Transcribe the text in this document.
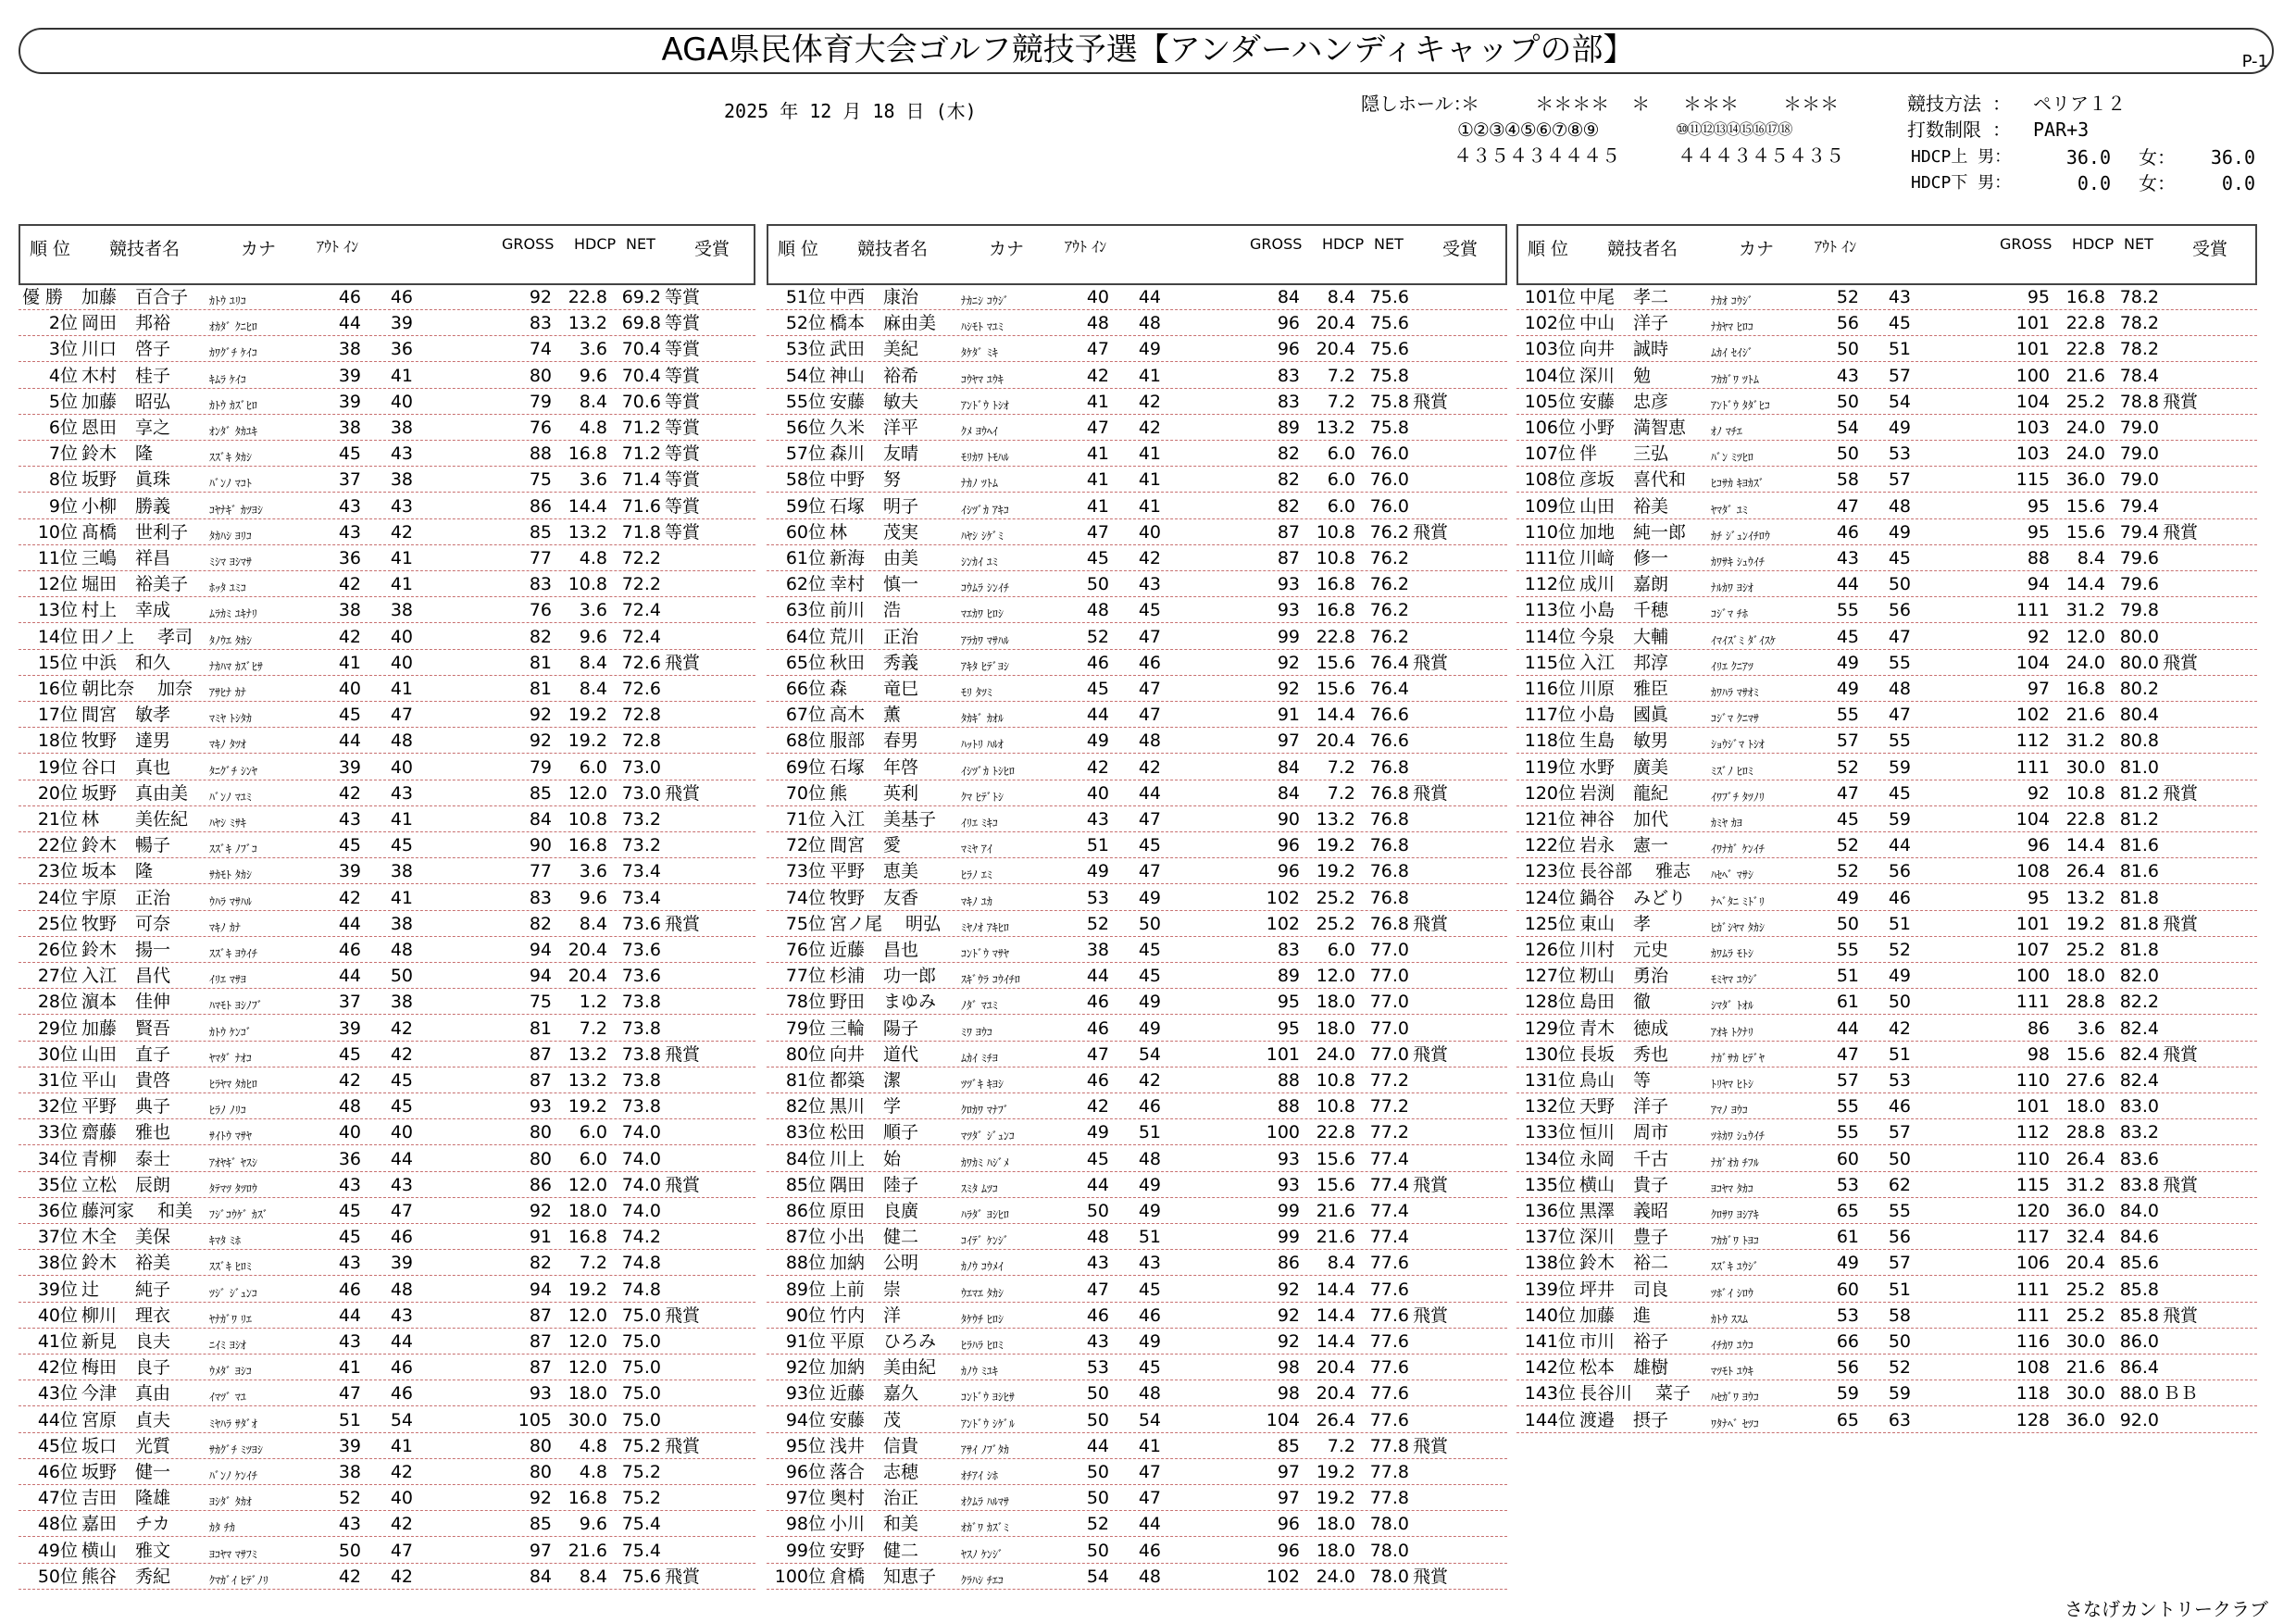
AGA県民体育大会ゴルフ競技予選【アンダーハンディキャップの部】	P-1
2025 年 12 月 18 日 (木)	隠しホール：
＊     ＊＊＊＊  ＊ ＊＊＊    ＊＊＊
①②③④⑤⑥⑦⑧⑨	⑩⑪⑫⑬⑭⑮⑯⑰⑱
４３５４３４４４５	４４４３４５４３５
競技方法 ： ペリア１２
打数制限 ： PAR+3
HDCP上 男：	36.0 女：	36.0
HDCP下 男：	0.0 女：	0.0
順 位 競技者名	カナ	ｱｳﾄ ｲﾝ	GROSS HDCP NET 受賞	順 位 競技者名	カナ	ｱｳﾄ ｲﾝ	GROSS HDCP NET 受賞	順 位 競技者名	カナ	ｱｳﾄ ｲﾝ	GROSS HDCP NET 受賞
優 勝 加藤 百合子 ｶﾄｳ ﾕﾘｺ	46	46	92 22.8 69.2 等賞
2位 岡田 邦裕	ｵｶﾀﾞ ｸﾆﾋﾛ	44	39	83 13.2 69.8 等賞
3位 川口 啓子	ｶﾜｸﾞﾁ ｹｲｺ	38	36	74	3.6 70.4 等賞
4位 木村 桂子	ｷﾑﾗ ｹｲｺ	39	41	80	9.6 70.4 等賞
5位 加藤 昭弘	ｶﾄｳ ｶｽﾞﾋﾛ	39	40	79	8.4 70.6 等賞
6位 恩田 享之	ｵﾝﾀﾞ ﾀｶﾕｷ	38	38	76	4.8 71.2 等賞
7位 鈴木 隆	ｽｽﾞｷ ﾀｶｼ	45	43	88 16.8 71.2 等賞
8位 坂野 眞珠	ﾊﾞﾝﾉ ﾏｺﾄ	37	38	75	3.6 71.4 等賞
9位 小柳 勝義	ｺﾔﾅｷﾞ ｶﾂﾖｼ	43	43	86 14.4 71.6 等賞
10位 髙橋 世利子 ﾀｶﾊｼ ﾖﾘｺ	43	42	85 13.2 71.8 等賞
11位 三嶋 祥昌	ﾐｼﾏ ﾖｼﾏｻ	36	41	77	4.8 72.2
12位 堀田 裕美子 ﾎｯﾀ ﾕﾐｺ	42	41	83 10.8 72.2
13位 村上 幸成	ﾑﾗｶﾐ ﾕｷﾅﾘ	38	38	76	3.6 72.4
14位 田ノ上 孝司 ﾀﾉｳｴ ﾀｶｼ	42	40	82	9.6 72.4
15位 中浜 和久	ﾅｶﾊﾏ ｶｽﾞﾋｻ	41	40	81	8.4 72.6 飛賞
16位 朝比奈 加奈 ｱｻﾋﾅ ｶﾅ	40	41	81	8.4 72.6
17位 間宮 敏孝	ﾏﾐﾔ ﾄｼﾀｶ	45	47	92 19.2 72.8
18位 牧野 達男	ﾏｷﾉ ﾀﾂｵ	44	48	92 19.2 72.8
19位 谷口 真也	ﾀﾆｸﾞﾁ ｼﾝﾔ	39	40	79	6.0 73.0
20位 坂野 真由美 ﾊﾞﾝﾉ ﾏﾕﾐ	42	43	85 12.0 73.0 飛賞
21位 林 美佐紀 ﾊﾔｼ ﾐｻｷ	43	41	84 10.8 73.2
22位 鈴木 暢子	ｽｽﾞｷ ﾉﾌﾞｺ	45	45	90 16.8 73.2
23位 坂本 隆	ｻｶﾓﾄ ﾀｶｼ	39	38	77	3.6 73.4
24位 宇原 正治	ｳﾊﾗ ﾏｻﾊﾙ	42	41	83	9.6 73.4
25位 牧野 可奈	ﾏｷﾉ ｶﾅ	44	38	82	8.4 73.6 飛賞
26位 鈴木 揚一	ｽｽﾞｷ ﾖｳｲﾁ	46	48	94 20.4 73.6
27位 入江 昌代	ｲﾘｴ ﾏｻﾖ	44	50	94 20.4 73.6
28位 濵本 佳伸	ﾊﾏﾓﾄ ﾖｼﾉﾌﾞ	37	38	75	1.2 73.8
29位 加藤 賢吾	ｶﾄｳ ｹﾝｺﾞ	39	42	81	7.2 73.8
30位 山田 直子	ﾔﾏﾀﾞ ﾅｵｺ	45	42	87 13.2 73.8 飛賞
31位 平山 貴啓	ﾋﾗﾔﾏ ﾀｶﾋﾛ	42	45	87 13.2 73.8
32位 平野 典子	ﾋﾗﾉ ﾉﾘｺ	48	45	93 19.2 73.8
33位 齋藤 雅也	ｻｲﾄｳ ﾏｻﾔ	40	40	80	6.0 74.0
34位 青柳 泰士	ｱｵﾔｷﾞ ﾔｽｼ	36	44	80	6.0 74.0
35位 立松 辰朗	ﾀﾃﾏﾂ ﾀﾂﾛｳ	43	43	86 12.0 74.0 飛賞
36位 藤河家 和美 ﾌｼﾞｺｳｹﾞ ｶｽﾞ	45	47	92 18.0 74.0
37位 木全 美保	ｷﾏﾀ ﾐﾎ	45	46	91 16.8 74.2
38位 鈴木 裕美	ｽｽﾞｷ ﾋﾛﾐ	43	39	82	7.2 74.8
39位 辻 純子	ﾂｼﾞ ｼﾞｭﾝｺ	46	48	94 19.2 74.8
40位 柳川 理衣	ﾔﾅｶﾞﾜ ﾘｴ	44	43	87 12.0 75.0 飛賞
41位 新見 良夫	ﾆｲﾐ ﾖｼｵ	43	44	87 12.0 75.0
42位 梅田 良子	ｳﾒﾀﾞ ﾖｼｺ	41	46	87 12.0 75.0
43位 今津 真由	ｲﾏﾂﾞ ﾏﾕ	47	46	93 18.0 75.0
44位 宮原 貞夫	ﾐﾔﾊﾗ ｻﾀﾞｵ	51	54	105 30.0 75.0
45位 坂口 光質	ｻｶｸﾞﾁ ﾐﾂﾖｼ	39	41	80	4.8 75.2 飛賞
46位 坂野 健一	ﾊﾞﾝﾉ ｹﾝｲﾁ	38	42	80	4.8 75.2
47位 吉田 隆雄	ﾖｼﾀﾞ ﾀｶｵ	52	40	92 16.8 75.2
48位 嘉田 チカ	ｶﾀ ﾁｶ	43	42	85	9.6 75.4
49位 横山 雅文	ﾖｺﾔﾏ ﾏｻﾌﾐ	50	47	97 21.6 75.4
50位 熊谷 秀紀	ｸﾏｶﾞｲ ﾋﾃﾞﾉﾘ	42	42	84	8.4 75.6 飛賞
51位 中西 康治	ﾅｶﾆｼ ｺｳｼﾞ	40	44	84	8.4 75.6
52位 橋本 麻由美 ﾊｼﾓﾄ ﾏﾕﾐ	48	48	96 20.4 75.6
53位 武田 美紀	ﾀｹﾀﾞ ﾐｷ	47	49	96 20.4 75.6
54位 神山 裕希	ｺｳﾔﾏ ﾕｳｷ	42	41	83	7.2 75.8
55位 安藤 敏夫	ｱﾝﾄﾞｳ ﾄｼｵ	41	42	83	7.2 75.8 飛賞
56位 久米 洋平	ｸﾒ ﾖｳﾍｲ	47	42	89 13.2 75.8
57位 森川 友晴	ﾓﾘｶﾜ ﾄﾓﾊﾙ	41	41	82	6.0 76.0
58位 中野 努	ﾅｶﾉ ﾂﾄﾑ	41	41	82	6.0 76.0
59位 石塚 明子	ｲｼﾂﾞｶ ｱｷｺ	41	41	82	6.0 76.0
60位 林 茂実	ﾊﾔｼ ｼｹﾞﾐ	47	40	87 10.8 76.2 飛賞
61位 新海 由美	ｼﾝｶｲ ﾕﾐ	45	42	87 10.8 76.2
62位 幸村 慎一	ｺｳﾑﾗ ｼﾝｲﾁ	50	43	93 16.8 76.2
63位 前川 浩	ﾏｴｶﾜ ﾋﾛｼ	48	45	93 16.8 76.2
64位 荒川 正治	ｱﾗｶﾜ ﾏｻﾊﾙ	52	47	99 22.8 76.2
65位 秋田 秀義	ｱｷﾀ ﾋﾃﾞﾖｼ	46	46	92 15.6 76.4 飛賞
66位 森 竜巳	ﾓﾘ ﾀﾂﾐ	45	47	92 15.6 76.4
67位 高木 薫	ﾀｶｷﾞ ｶｵﾙ	44	47	91 14.4 76.6
68位 服部 春男	ﾊｯﾄﾘ ﾊﾙｵ	49	48	97 20.4 76.6
69位 石塚 年啓	ｲｼﾂﾞｶ ﾄｼﾋﾛ	42	42	84	7.2 76.8
70位 熊 英利	ｸﾏ ﾋﾃﾞﾄｼ	40	44	84	7.2 76.8 飛賞
71位 入江 美基子 ｲﾘｴ ﾐｷｺ	43	47	90 13.2 76.8
72位 間宮 愛	ﾏﾐﾔ ｱｲ	51	45	96 19.2 76.8
73位 平野 恵美	ﾋﾗﾉ ｴﾐ	49	47	96 19.2 76.8
74位 牧野 友香	ﾏｷﾉ ﾕｶ	53	49	102 25.2 76.8
75位 宮ノ尾 明弘 ﾐﾔﾉｵ ｱｷﾋﾛ	52	50	102 25.2 76.8 飛賞
76位 近藤 昌也	ｺﾝﾄﾞｳ ﾏｻﾔ	38	45	83	6.0 77.0
77位 杉浦 功一郎 ｽｷﾞｳﾗ ｺｳｲﾁﾛ	44	45	89 12.0 77.0
78位 野田 まゆみ ﾉﾀﾞ ﾏﾕﾐ	46	49	95 18.0 77.0
79位 三輪 陽子	ﾐﾜ ﾖｳｺ	46	49	95 18.0 77.0
80位 向井 道代	ﾑｶｲ ﾐﾁﾖ	47	54	101 24.0 77.0 飛賞
81位 都築 潔	ﾂﾂﾞｷ ｷﾖｼ	46	42	88 10.8 77.2
82位 黒川 学	ｸﾛｶﾜ ﾏﾅﾌﾞ	42	46	88 10.8 77.2
83位 松田 順子	ﾏﾂﾀﾞ ｼﾞｭﾝｺ	49	51	100 22.8 77.2
84位 川上 始	ｶﾜｶﾐ ﾊｼﾞﾒ	45	48	93 15.6 77.4
85位 隅田 陸子	ｽﾐﾀ ﾑﾂｺ	44	49	93 15.6 77.4 飛賞
86位 原田 良廣	ﾊﾗﾀﾞ ﾖｼﾋﾛ	50	49	99 21.6 77.4
87位 小出 健二	ｺｲﾃﾞ ｹﾝｼﾞ	48	51	99 21.6 77.4
88位 加納 公明	ｶﾉｳ ｺｳﾒｲ	43	43	86	8.4 77.6
89位 上前 崇	ｳｴﾏｴ ﾀｶｼ	47	45	92 14.4 77.6
90位 竹内 洋	ﾀｹｳﾁ ﾋﾛｼ	46	46	92 14.4 77.6 飛賞
91位 平原 ひろみ ﾋﾗﾊﾗ ﾋﾛﾐ	43	49	92 14.4 77.6
92位 加納 美由紀 ｶﾉｳ ﾐﾕｷ	53	45	98 20.4 77.6
93位 近藤 嘉久	ｺﾝﾄﾞｳ ﾖｼﾋｻ	50	48	98 20.4 77.6
94位 安藤 茂	ｱﾝﾄﾞｳ ｼｹﾞﾙ	50	54	104 26.4 77.6
95位 浅井 信貴	ｱｻｲ ﾉﾌﾞﾀｶ	44	41	85	7.2 77.8 飛賞
96位 落合 志穂	ｵﾁｱｲ ｼﾎ	50	47	97 19.2 77.8
97位 奥村 治正	ｵｸﾑﾗ ﾊﾙﾏｻ	50	47	97 19.2 77.8
98位 小川 和美	ｵｶﾞﾜ ｶｽﾞﾐ	52	44	96 18.0 78.0
99位 安野 健二	ﾔｽﾉ ｹﾝｼﾞ	50	46	96 18.0 78.0
100位 倉橋 知恵子 ｸﾗﾊｼ ﾁｴｺ	54	48	102 24.0 78.0 飛賞
101位 中尾 孝二	ﾅｶｵ ｺｳｼﾞ	52	43	95 16.8 78.2
102位 中山 洋子	ﾅｶﾔﾏ ﾋﾛｺ	56	45	101 22.8 78.2
103位 向井 誠時	ﾑｶｲ ｾｲｼﾞ	50	51	101 22.8 78.2
104位 深川 勉	ﾌｶｶﾞﾜ ﾂﾄﾑ	43	57	100 21.6 78.4
105位 安藤 忠彦	ｱﾝﾄﾞｳ ﾀﾀﾞﾋｺ	50	54	104 25.2 78.8 飛賞
106位 小野 満智恵 ｵﾉ ﾏﾁｴ	54	49	103 24.0 79.0
107位 伴 三弘	ﾊﾞﾝ ﾐﾂﾋﾛ	50	53	103 24.0 79.0
108位 彦坂 喜代和 ﾋｺｻｶ ｷﾖｶｽﾞ	58	57	115 36.0 79.0
109位 山田 裕美	ﾔﾏﾀﾞ ﾕﾐ	47	48	95 15.6 79.4
110位 加地 純一郎 ｶﾁ ｼﾞｭﾝｲﾁﾛｳ	46	49	95 15.6 79.4 飛賞
111位 川﨑 修一	ｶﾜｻｷ ｼｭｳｲﾁ	43	45	88	8.4 79.6
112位 成川 嘉朗	ﾅﾙｶﾜ ﾖｼｵ	44	50	94 14.4 79.6
113位 小島 千穂	ｺｼﾞﾏ ﾁﾎ	55	56	111 31.2 79.8
114位 今泉 大輔	ｲﾏｲｽﾞﾐ ﾀﾞｲｽｹ	45	47	92 12.0 80.0
115位 入江 邦淳	ｲﾘｴ ｸﾆｱﾂ	49	55	104 24.0 80.0 飛賞
116位 川原 雅臣	ｶﾜﾊﾗ ﾏｻｵﾐ	49	48	97 16.8 80.2
117位 小島 國眞	ｺｼﾞﾏ ｸﾆﾏｻ	55	47	102 21.6 80.4
118位 生島 敏男	ｼｮｳｼﾞﾏ ﾄｼｵ	57	55	112 31.2 80.8
119位 水野 廣美	ﾐｽﾞﾉ ﾋﾛﾐ	52	59	111 30.0 81.0
120位 岩渕 龍紀	ｲﾜﾌﾞﾁ ﾀﾂﾉﾘ	47	45	92 10.8 81.2 飛賞
121位 神谷 加代	ｶﾐﾔ ｶﾖ	45	59	104 22.8 81.2
122位 岩永 憲一	ｲﾜﾅｶﾞ ｹﾝｲﾁ	52	44	96 14.4 81.6
123位 長谷部 雅志 ﾊｾﾍﾞ ﾏｻｼ	52	56	108 26.4 81.6
124位 鍋谷 みどり ﾅﾍﾞﾀﾆ ﾐﾄﾞﾘ	49	46	95 13.2 81.8
125位 東山 孝	ﾋｶﾞｼﾔﾏ ﾀｶｼ	50	51	101 19.2 81.8 飛賞
126位 川村 元史	ｶﾜﾑﾗ ﾓﾄｼ	55	52	107 25.2 81.8
127位 籾山 勇治	ﾓﾐﾔﾏ ﾕｳｼﾞ	51	49	100 18.0 82.0
128位 島田 徹	ｼﾏﾀﾞ ﾄｵﾙ	61	50	111 28.8 82.2
129位 青木 徳成	ｱｵｷ ﾄｸﾅﾘ	44	42	86	3.6 82.4
130位 長坂 秀也	ﾅｶﾞｻｶ ﾋﾃﾞﾔ	47	51	98 15.6 82.4 飛賞
131位 鳥山 等	ﾄﾘﾔﾏ ﾋﾄｼ	57	53	110 27.6 82.4
132位 天野 洋子	ｱﾏﾉ ﾖｳｺ	55	46	101 18.0 83.0
133位 恒川 周市	ﾂﾈｶﾜ ｼｭｳｲﾁ	55	57	112 28.8 83.2
134位 永岡 千古	ﾅｶﾞｵｶ ﾁﾌﾙ	60	50	110 26.4 83.6
135位 横山 貴子	ﾖｺﾔﾏ ﾀｶｺ	53	62	115 31.2 83.8 飛賞
136位 黒澤 義昭	ｸﾛｻﾜ ﾖｼｱｷ	65	55	120 36.0 84.0
137位 深川 豊子	ﾌｶｶﾞﾜ ﾄﾖｺ	61	56	117 32.4 84.6
138位 鈴木 裕二	ｽｽﾞｷ ﾕｳｼﾞ	49	57	106 20.4 85.6
139位 坪井 司良	ﾂﾎﾞｲ ｼﾛｳ	60	51	111 25.2 85.8
140位 加藤 進	ｶﾄｳ ｽｽﾑ	53	58	111 25.2 85.8 飛賞
141位 市川 裕子	ｲﾁｶﾜ ﾕｳｺ	66	50	116 30.0 86.0
142位 松本 雄樹	ﾏﾂﾓﾄ ﾕｳｷ	56	52	108 21.6 86.4
143位 長谷川 菜子 ﾊｾｶﾞﾜ ﾖｳｺ	59	59	118 30.0 88.0 ＢＢ
144位 渡邉 摂子	ﾜﾀﾅﾍﾞ ｾﾂｺ	65	63	128 36.0 92.0
さなげカントリークラブ
